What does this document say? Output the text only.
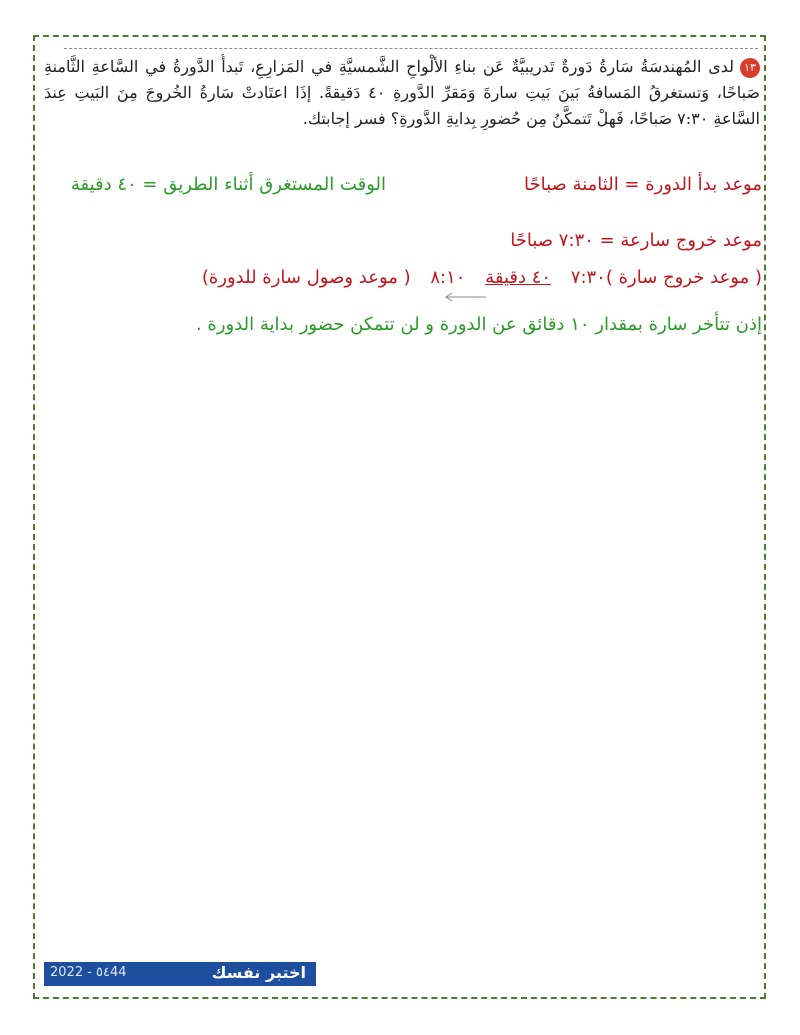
١٣لدى المُهندسَةُ سَارةُ دَورةٌ تَدريبيَّةٌ عَن بناءِ الألْواحِ الشَّمسيَّةِ في المَزارِعِ، تَبدأُ الدَّورةُ في السَّاعةِ الثَّامنةِ صَباحًا، وَتستغرقُ المَسافةُ بَينَ بَيتِ سارةَ وَمَقرِّ الدَّورةِ ٤٠ دَقيقةً. إذَا اعتَادتْ سَارةُ الخُروجَ مِنَ البَيتِ عِندَ السَّاعةِ ٧:٣٠ صَباحًا، فَهلْ تَتمكَّنُ مِن حُضورِ بِدايةِ الدَّورةِ؟ فسر إجابتك.
موعد بدأ الدورة = الثامنة صباحًا
الوقت المستغرق أثناء الطريق = ٤٠ دقيقة
موعد خروج سارعة = ٧:٣٠ صباحًا
( موعد خروج سارة )٧:٣٠ ٤٠ دقيقة ٨:١٠ ( موعد وصول سارة للدورة)
إذن تتأخر سارة بمقدار ١٠ دقائق عن الدورة و لن تتمكن حضور بداية الدورة .
2022 - ٥٤44	اختبر نفسك
